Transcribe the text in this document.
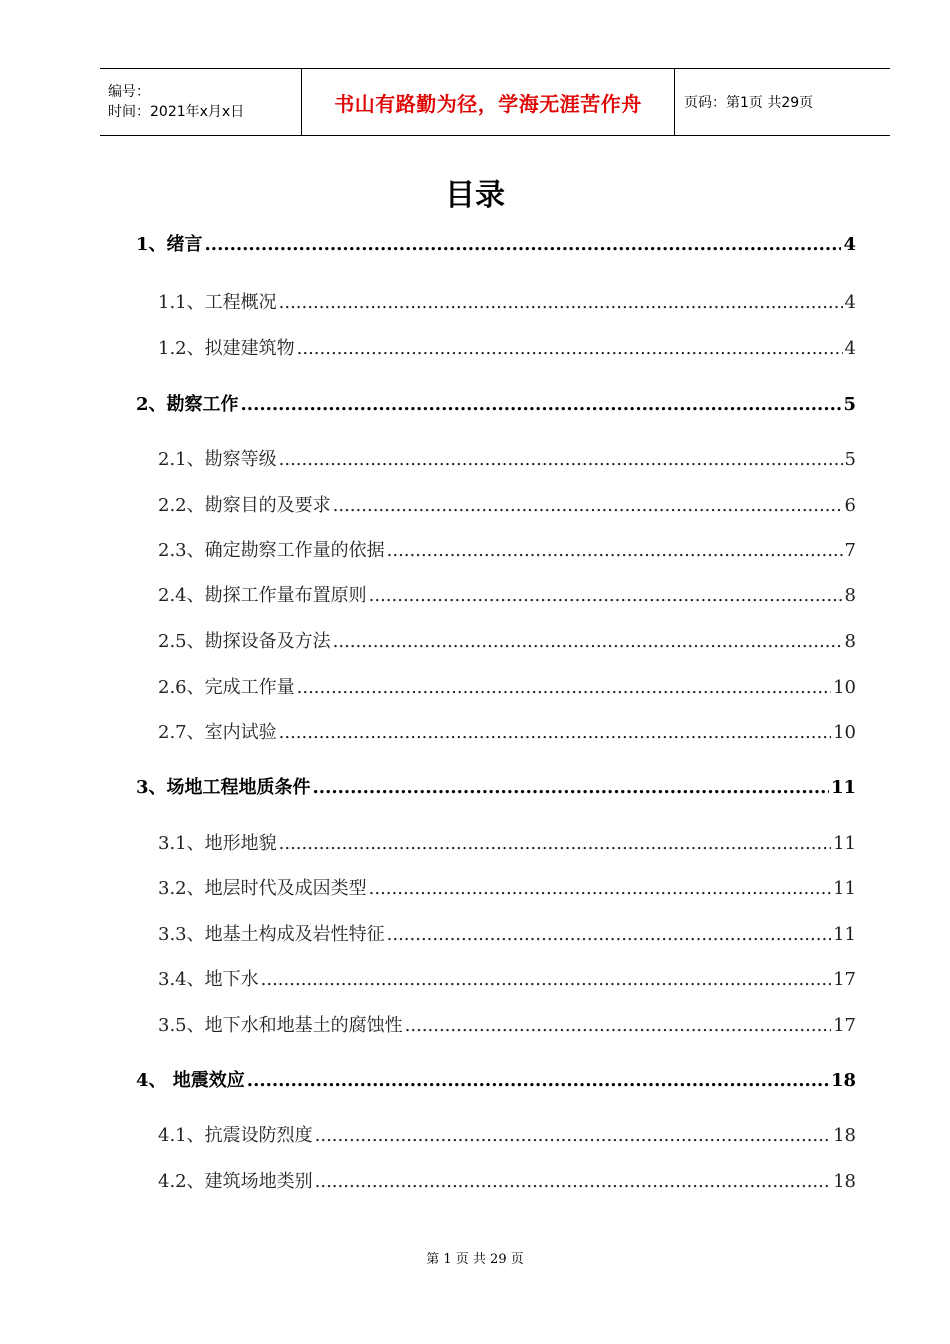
编号：
时间：2021年x月x日	书山有路勤为径，学海无涯苦作舟	页码：第1页 共29页
目录
1、绪言 .....	4
1.1、工程概况 .....	4
1.2、拟建建筑物 .....	4
2、勘察工作 .....	5
2.1、勘察等级 .....	5
2.2、勘察目的及要求 .....	6
2.3、确定勘察工作量的依据 .....	7
2.4、勘探工作量布置原则 .....	8
2.5、勘探设备及方法 .....	8
2.6、完成工作量 .....	10
2.7、室内试验 .....	10
3、场地工程地质条件 .....	11
3.1、地形地貌 .....	11
3.2、地层时代及成因类型 .....	11
3.3、地基土构成及岩性特征 .....	11
3.4、地下水 .....	17
3.5、地下水和地基土的腐蚀性 .....	17
4、 地震效应 .....	18
4.1、抗震设防烈度 .....	18
4.2、建筑场地类别 .....	18
第 1 页 共 29 页
